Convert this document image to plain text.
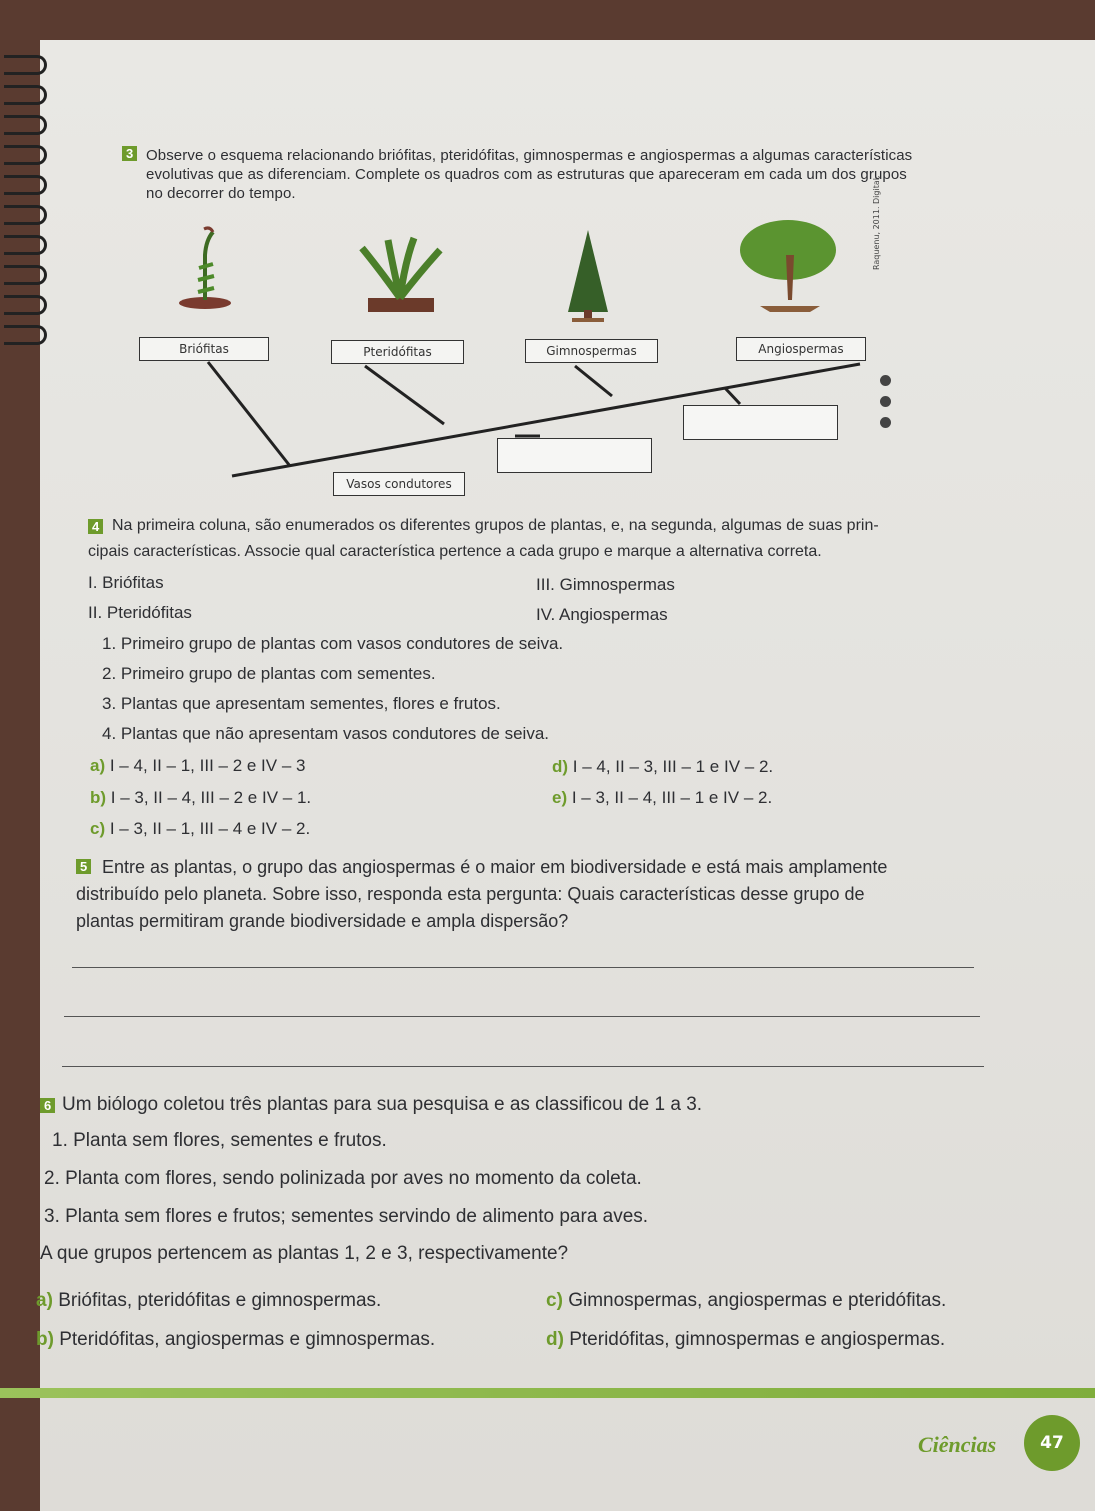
3 Observe o esquema relacionando briófitas, pteridófitas, gimnospermas e angiospermas a algumas características evolutivas que as diferenciam. Complete os quadros com as estruturas que apareceram em cada um dos grupos no decorrer do tempo.
Briófitas	Pteridófitas	Gimnospermas	Angiospermas
Vasos condutores
Raquenu, 2011. Digital.
4 Na primeira coluna, são enumerados os diferentes grupos de plantas, e, na segunda, algumas de suas prin-
cipais características. Associe qual característica pertence a cada grupo e marque a alternativa correta.
I. Briófitas
II. Pteridófitas
III. Gimnospermas
IV. Angiospermas
1. Primeiro grupo de plantas com vasos condutores de seiva.
2. Primeiro grupo de plantas com sementes.
3. Plantas que apresentam sementes, flores e frutos.
4. Plantas que não apresentam vasos condutores de seiva.
a) I – 4, II – 1, III – 2 e IV – 3
b) I – 3, II – 4, III – 2 e IV – 1.
c) I – 3, II – 1, III – 4 e IV – 2.
d) I – 4, II – 3, III – 1 e IV – 2.
e) I – 3, II – 4, III – 1 e IV – 2.
5 Entre as plantas, o grupo das angiospermas é o maior em biodiversidade e está mais amplamente
distribuído pelo planeta. Sobre isso, responda esta pergunta: Quais características desse grupo de
plantas permitiram grande biodiversidade e ampla dispersão?
6 Um biólogo coletou três plantas para sua pesquisa e as classificou de 1 a 3.
1. Planta sem flores, sementes e frutos.
2. Planta com flores, sendo polinizada por aves no momento da coleta.
3. Planta sem flores e frutos; sementes servindo de alimento para aves.
A que grupos pertencem as plantas 1, 2 e 3, respectivamente?
a) Briófitas, pteridófitas e gimnospermas.
b) Pteridófitas, angiospermas e gimnospermas.
c) Gimnospermas, angiospermas e pteridófitas.
d) Pteridófitas, gimnospermas e angiospermas.
Ciências	47
